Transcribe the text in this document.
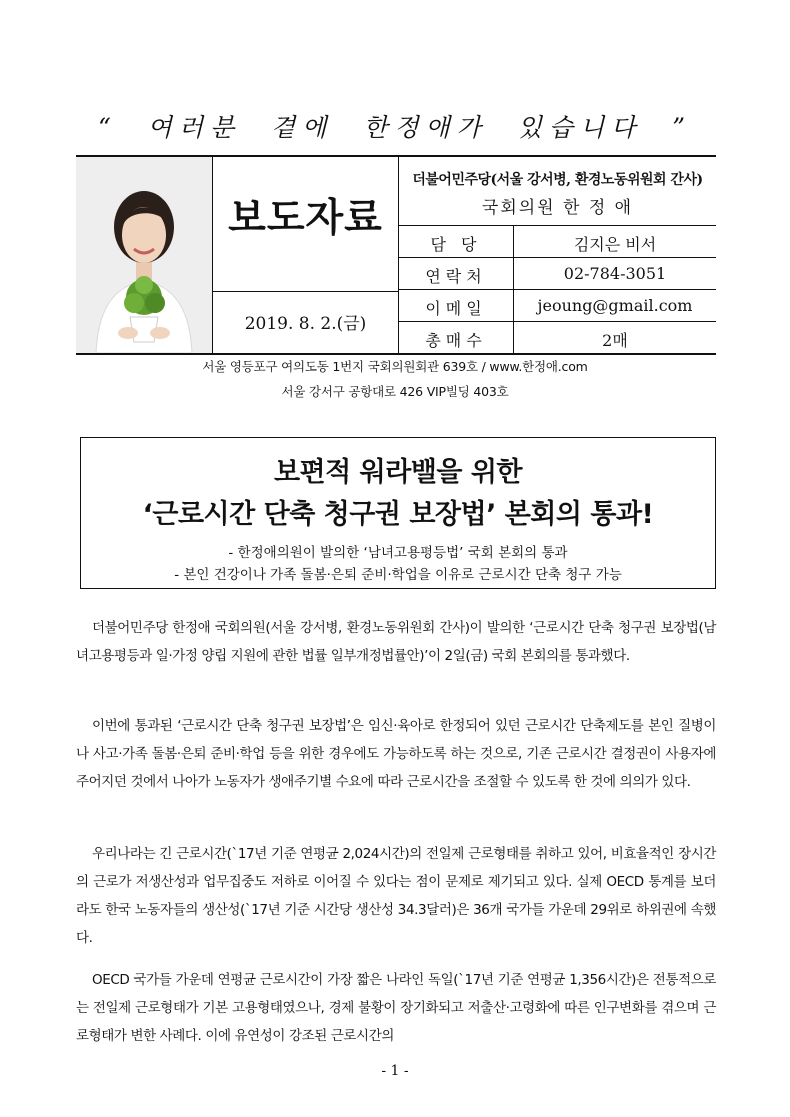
“  여러분  곁에  한정애가  있습니다  ”
보도자료
2019. 8. 2.(금)
더불어민주당(서울 강서병, 환경노동위원회 간사)
국회의원 한 정 애
담 당	김지은 비서
연락처	02-784-3051
이메일	jeoung@gmail.com
총매수	2매
서울 영등포구 여의도동 1번지 국회의원회관 639호 / www.한정애.com
서울 강서구 공항대로 426 VIP빌딩 403호
보편적 워라밸을 위한
‘근로시간 단축 청구권 보장법’ 본회의 통과!
- 한정애의원이 발의한 ‘남녀고용평등법’ 국회 본회의 통과
- 본인 건강이나 가족 돌봄·은퇴 준비·학업을 이유로 근로시간 단축 청구 가능
더불어민주당 한정애 국회의원(서울 강서병, 환경노동위원회 간사)이 발의한 ‘근로시간 단축 청구권 보장법(남녀고용평등과 일·가정 양립 지원에 관한 법률 일부개정법률안)’이 2일(금) 국회 본회의를 통과했다.
이번에 통과된 ‘근로시간 단축 청구권 보장법’은 임신·육아로 한정되어 있던 근로시간 단축제도를 본인 질병이나 사고·가족 돌봄·은퇴 준비·학업 등을 위한 경우에도 가능하도록 하는 것으로, 기존 근로시간 결정권이 사용자에 주어지던 것에서 나아가 노동자가 생애주기별 수요에 따라 근로시간을 조절할 수 있도록 한 것에 의의가 있다.
우리나라는 긴 근로시간(`17년 기준 연평균 2,024시간)의 전일제 근로형태를 취하고 있어, 비효율적인 장시간의 근로가 저생산성과 업무집중도 저하로 이어질 수 있다는 점이 문제로 제기되고 있다. 실제 OECD 통계를 보더라도 한국 노동자들의 생산성(`17년 기준 시간당 생산성 34.3달러)은 36개 국가들 가운데 29위로 하위권에 속했다.
OECD 국가들 가운데 연평균 근로시간이 가장 짧은 나라인 독일(`17년 기준 연평균 1,356시간)은 전통적으로는 전일제 근로형태가 기본 고용형태였으나, 경제 불황이 장기화되고 저출산·고령화에 따른 인구변화를 겪으며 근로형태가 변한 사례다. 이에 유연성이 강조된 근로시간의
- 1 -
